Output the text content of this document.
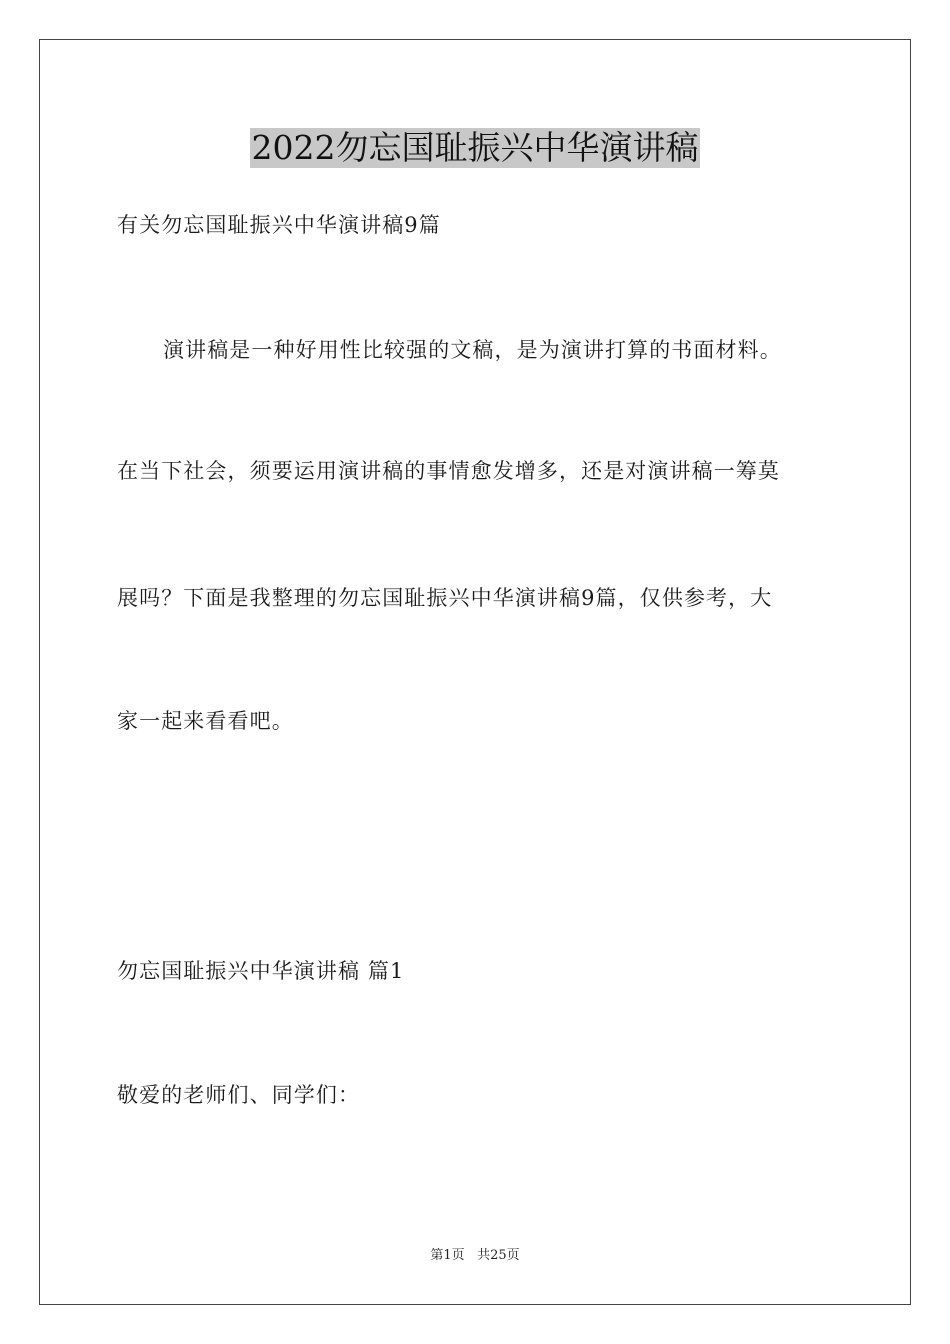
2022勿忘国耻振兴中华演讲稿
有关勿忘国耻振兴中华演讲稿9篇
演讲稿是一种好用性比较强的文稿，是为演讲打算的书面材料。
在当下社会，须要运用演讲稿的事情愈发增多，还是对演讲稿一筹莫
展吗？下面是我整理的勿忘国耻振兴中华演讲稿9篇，仅供参考，大
家一起来看看吧。
勿忘国耻振兴中华演讲稿 篇1
敬爱的老师们、同学们：
第1页 共25页
